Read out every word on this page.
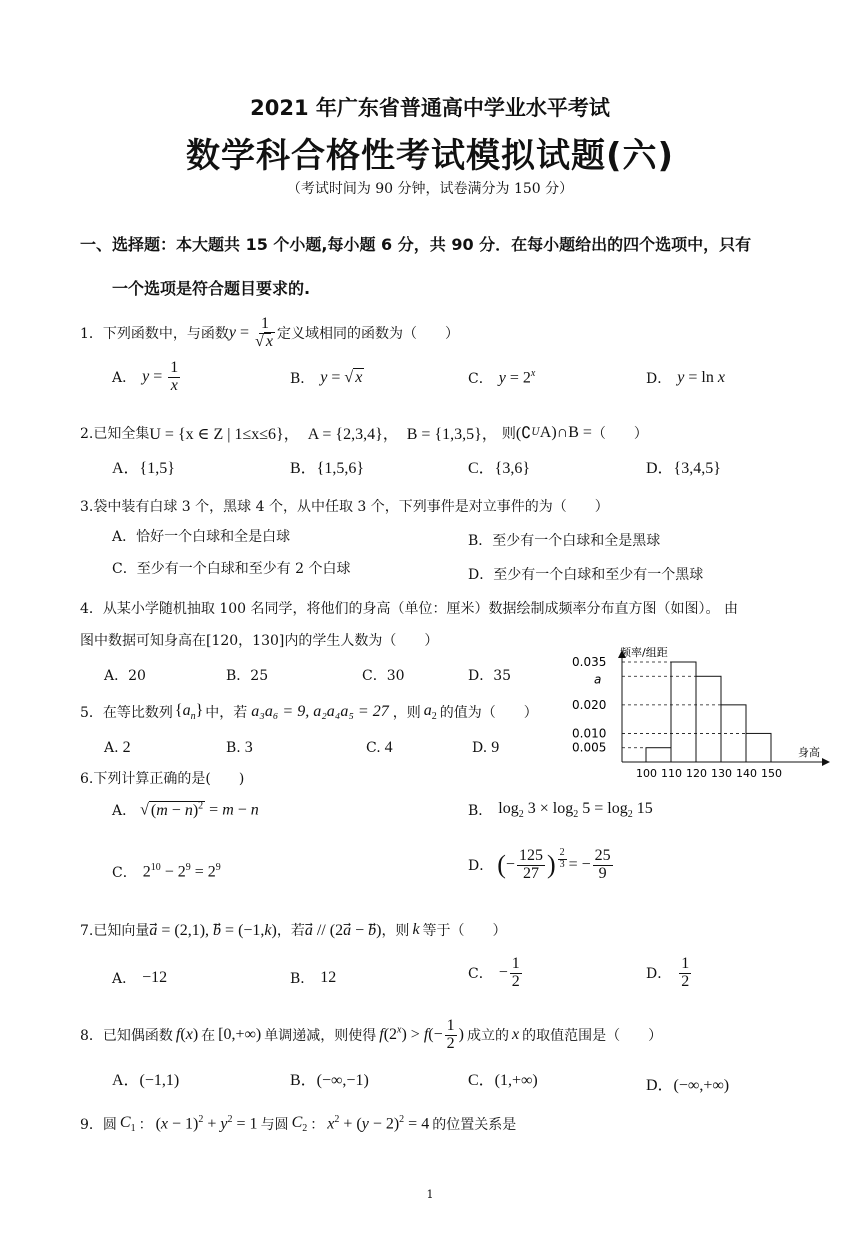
2021 年广东省普通高中学业水平考试
数学科合格性考试模拟试题(六)
（考试时间为 90 分钟，试卷满分为 150 分）
一、选择题：本大题共 15 个小题,每小题 6 分，共 90 分．在每小题给出的四个选项中，只有
一个选项是符合题目要求的.
1．下列函数中，与函数 $y = \frac{1}{√ x}$ 定义域相同的函数为（　　）
A． $y = \frac{1}{x}$	B． y = √ x	C． $y = 2^x$	D． y = ln x
2.已知全集 U = {x ∈ Z | 1≤x≤6}， A = {2,3,4}， B = {1,3,5}， 则 (∁ U A)∩B = （　　）
A．{1,5}	B．{1,5,6}	C．{3,6}	D．{3,4,5}
3.袋中装有白球 3 个，黑球 4 个，从中任取 3 个，下列事件是对立事件的为（　　）
A．恰好一个白球和全是白球	B．至少有一个白球和全是黑球
C．至少有一个白球和至少有 2 个白球	D．至少有一个白球和至少有一个黑球
4．从某小学随机抽取 100 名同学，将他们的身高（单位：厘米）数据绘制成频率分布直方图（如图）。 由
图中数据可知身高在[120，130]内的学生人数为（　　）
A．20	B．25	C．30	D．35
频率/组距
身高
0.035
a
0.020
0.010
0.005
100 110 120 130 140 150
5．在等比数列 $\{a_n\}$ 中，若 a₃a₆ = 9, a₂a₄a₅ = 27 ，则 $a_2$ 的值为（　　）
A. 2	B. 3	C. 4	D. 9
6.下列计算正确的是(　　)
A． √ $(m - n)^2 = m - n$	B． $\log_2 3 \times \log_2 5 = \log_2 15$
C． $2^{10} - 2^9 = 2^9$	D． ( − $\frac{125}{27}$ ) $^{\frac{2}{3}}$ = − $\frac{25}{9}$
7.已知向量 a⃗ = (2,1), b⃗ = (−1,k) ，若 a⃗ // (2a⃗ − b⃗) ，则 k 等于（　　）
A． −12	B． 12	C． − $\frac{1}{2}$	D． $\frac{1}{2}$
8．已知偶函数 f(x) 在 [0,+∞) 单调递减，则使得 $f(2^x) > f(- \frac{1}{2}$ ) 成立的 x 的取值范围是（　　）
A．(−1,1)	B．(−∞,−1)	C．(1,+∞)	D．(−∞,+∞)
9．圆 $C_1$ ： $(x - 1)^2 + y^2 = 1$ 与圆 $C_2$ ： $x^2 + (y - 2)^2 = 4$ 的位置关系是
1
